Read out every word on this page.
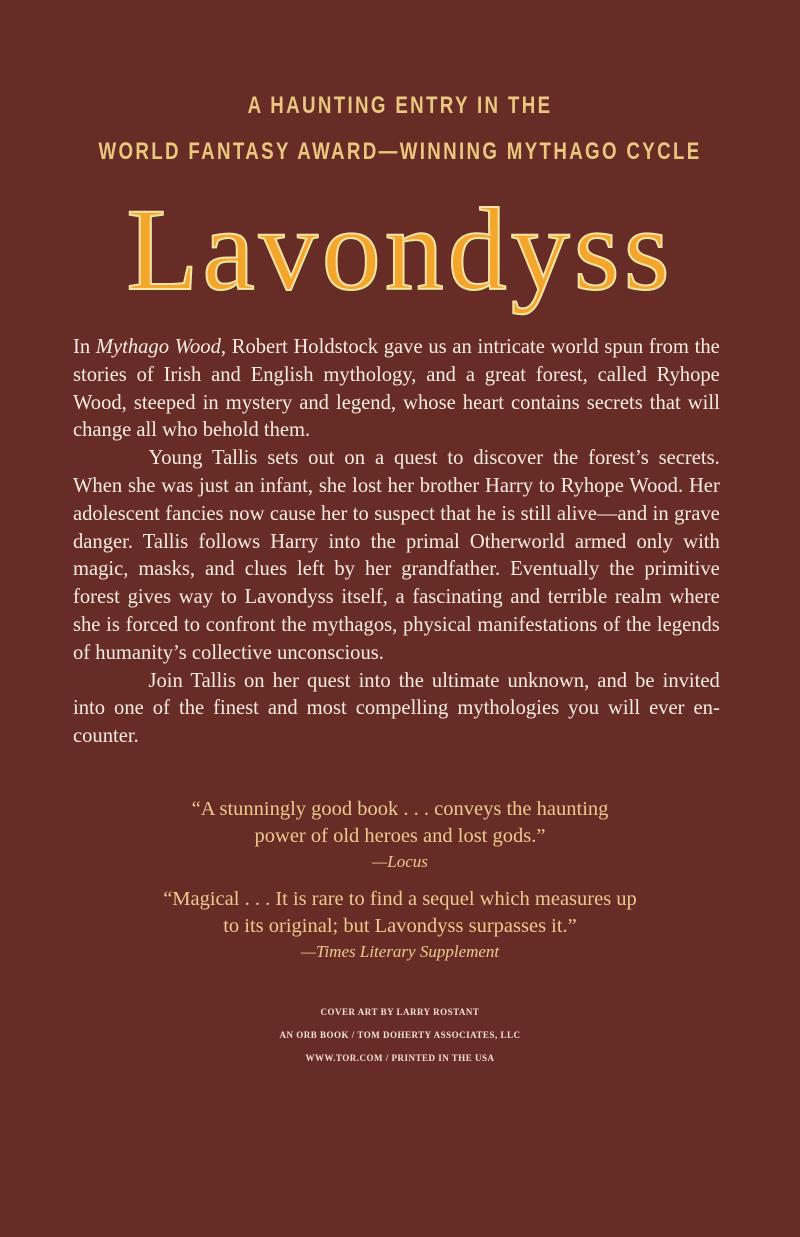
A HAUNTING ENTRY IN THE
WORLD FANTASY AWARD—WINNING MYTHAGO CYCLE
Lavondyss

In Mythago Wood, Robert Holdstock gave us an intricate world spun from the stories of Irish and English mythology, and a great forest, called Ryhope Wood, steeped in mystery and legend, whose heart contains secrets that will change all who behold them.

Young Tallis sets out on a quest to discover the forest’s secrets. When she was just an infant, she lost her brother Harry to Ryhope Wood. Her adolescent fancies now cause her to suspect that he is still alive—and in grave danger. Tallis follows Harry into the primal Otherworld armed only with magic, masks, and clues left by her grandfather. Eventually the primitive forest gives way to Lavondyss itself, a fascinating and terrible realm where she is forced to confront the mythagos, physical manifestations of the legends of humanity’s collective unconscious.

Join Tallis on her quest into the ultimate unknown, and be invited into one of the finest and most compelling mythologies you will ever encounter.

“A stunningly good book . . . conveys the haunting
power of old heroes and lost gods.”
—Locus
“Magical . . . It is rare to find a sequel which measures up
to its original; but Lavondyss surpasses it.”
—Times Literary Supplement
COVER ART BY LARRY ROSTANT
AN ORB BOOK / TOM DOHERTY ASSOCIATES, LLC
WWW.TOR.COM / PRINTED IN THE USA
